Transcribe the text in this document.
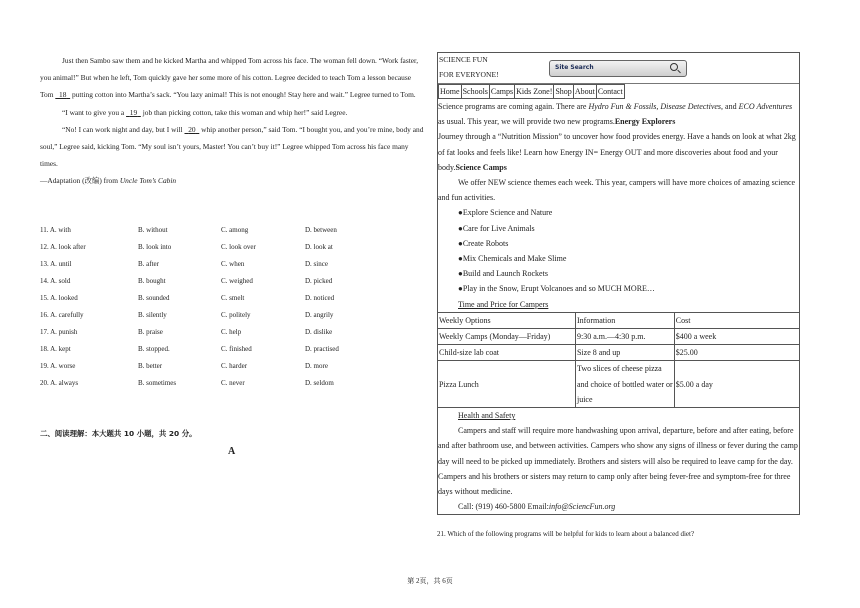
Just then Sambo saw them and he kicked Martha and whipped Tom across his face. The woman fell down. “Work faster, you animal!” But when he left, Tom quickly gave her some more of his cotton. Legree decided to teach Tom a lesson because Tom 18 putting cotton into Martha’s sack. “You lazy animal! This is not enough! Stay here and wait.” Legree turned to Tom.

“I want to give you a 19 job than picking cotton, take this woman and whip her!” said Legree.

“No! I can work night and day, but I will 20 whip another person,” said Tom. “I bought you, and you’re mine, body and soul,” Legree said, kicking Tom. “My soul isn’t yours, Master! You can’t buy it!” Legree whipped Tom across his face many times.

—Adaptation (改编) from Uncle Tom’s Cabin

11. A. with	B. without	C. among	D. between
12. A. look after	B. look into	C. look over	D. look at
13. A. until	B. after	C. when	D. since
14. A. sold	B. bought	C. weighed	D. picked
15. A. looked	B. sounded	C. smelt	D. noticed
16. A. carefully	B. silently	C. politely	D. angrily
17. A. punish	B. praise	C. help	D. dislike
18. A. kept	B. stopped.	C. finished	D. practised
19. A. worse	B. better	C. harder	D. more
20. A. always	B. sometimes	C. never	D. seldom
二、阅读理解：本大题共 10 小题，共 20 分。
A
SCIENCE FUN
FOR EVERYONE!
Site Search
Home Schools Camps Kids Zone! Shop About Contact

Science programs are coming again. There are Hydro Fun & Fossils, Disease Detectives, and ECO Adventures as usual. This year, we will provide two new programs.Energy Explorers

Journey through a “Nutrition Mission” to uncover how food provides energy. Have a hands on look at what 2kg of fat looks and feels like! Learn how Energy IN= Energy OUT and more discoveries about food and your body.Science Camps

We offer NEW science themes each week. This year, campers will have more choices of amazing science and fun activities.

●Explore Science and Nature

●Care for Live Animals

●Create Robots

●Mix Chemicals and Make Slime

●Build and Launch Rockets

●Play in the Snow, Erupt Volcanoes and so MUCH MORE…

Time and Price for Campers

Weekly Options	Information	Cost
Weekly Camps (Monday—Friday)	9:30 a.m.—4:30 p.m.	$400 a week
Child-size lab coat	Size 8 and up	$25.00
Pizza Lunch	Two slices of cheese pizza and choice of bottled water or juice	$5.00 a day

Health and Safety

Campers and staff will require more handwashing upon arrival, departure, before and after eating, before and after bathroom use, and between activities. Campers who show any signs of illness or fever during the camp day will need to be picked up immediately. Brothers and sisters will also be required to leave camp for the day. Campers and his brothers or sisters may return to camp only after being fever-free and symptom-free for three days without medicine.

Call: (919) 460-5800 Email:info@SciencFun.org

21. Which of the following programs will be helpful for kids to learn about a balanced diet?
第 2页，共 6页
